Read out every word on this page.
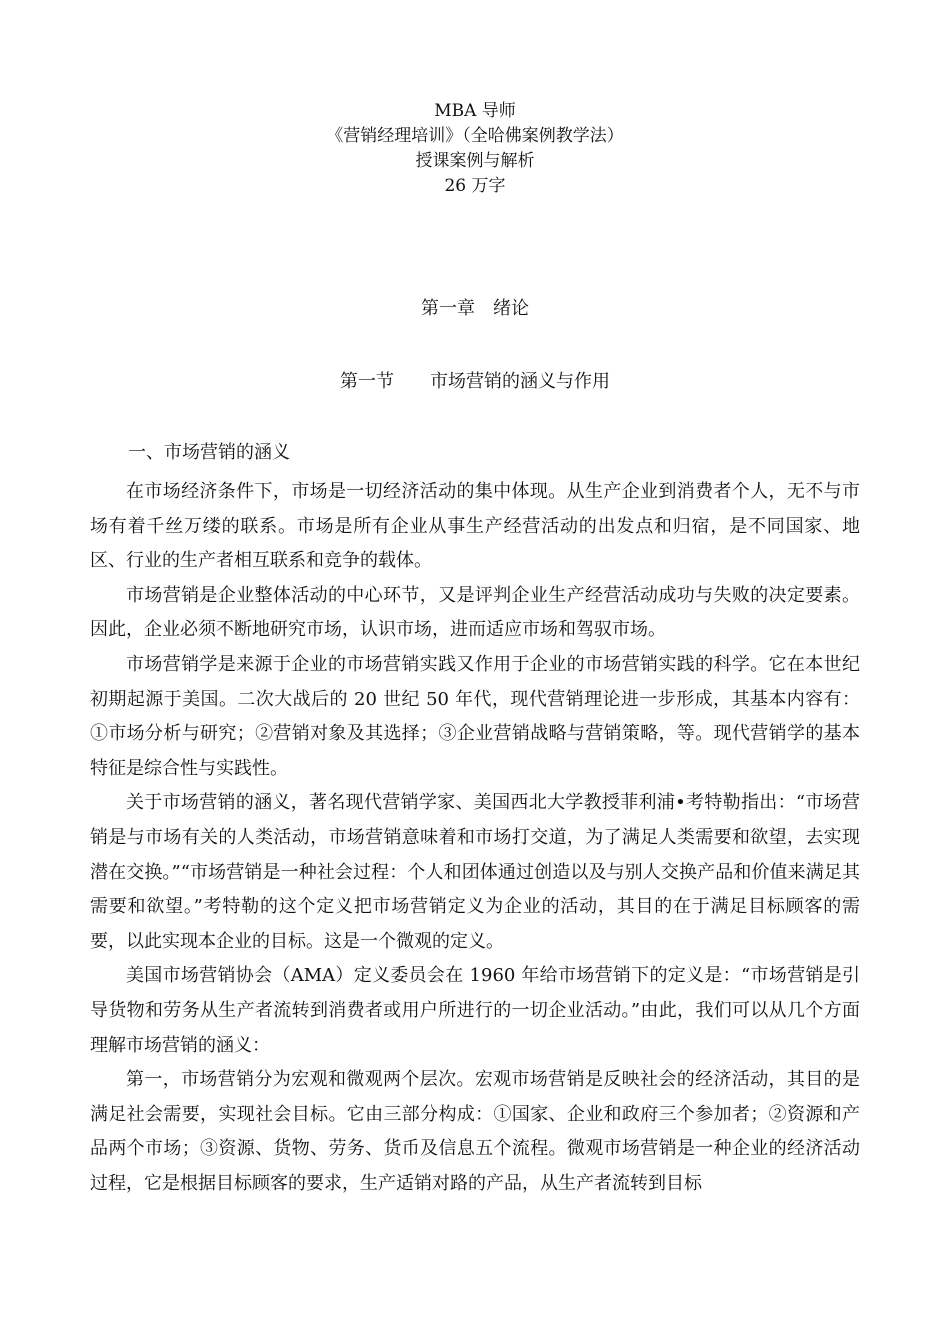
MBA 导师
《营销经理培训》（全哈佛案例教学法）
授课案例与解析
26 万字
第一章　绪论
第一节　　市场营销的涵义与作用
一、市场营销的涵义

在市场经济条件下，市场是一切经济活动的集中体现。从生产企业到消费者个人，无不与市场有着千丝万缕的联系。市场是所有企业从事生产经营活动的出发点和归宿，是不同国家、地区、行业的生产者相互联系和竞争的载体。

市场营销是企业整体活动的中心环节，又是评判企业生产经营活动成功与失败的决定要素。因此，企业必须不断地研究市场，认识市场，进而适应市场和驾驭市场。

市场营销学是来源于企业的市场营销实践又作用于企业的市场营销实践的科学。它在本世纪初期起源于美国。二次大战后的 20 世纪 50 年代，现代营销理论进一步形成，其基本内容有：①市场分析与研究；②营销对象及其选择；③企业营销战略与营销策略，等。现代营销学的基本特征是综合性与实践性。

关于市场营销的涵义，著名现代营销学家、美国西北大学教授菲利浦•考特勒指出：“市场营销是与市场有关的人类活动，市场营销意味着和市场打交道，为了满足人类需要和欲望，去实现潜在交换。”“市场营销是一种社会过程：个人和团体通过创造以及与别人交换产品和价值来满足其需要和欲望。”考特勒的这个定义把市场营销定义为企业的活动，其目的在于满足目标顾客的需要，以此实现本企业的目标。这是一个微观的定义。

美国市场营销协会（AMA）定义委员会在 1960 年给市场营销下的定义是：“市场营销是引导货物和劳务从生产者流转到消费者或用户所进行的一切企业活动。”由此，我们可以从几个方面理解市场营销的涵义：

第一，市场营销分为宏观和微观两个层次。宏观市场营销是反映社会的经济活动，其目的是满足社会需要，实现社会目标。它由三部分构成：①国家、企业和政府三个参加者；②资源和产品两个市场；③资源、货物、劳务、货币及信息五个流程。微观市场营销是一种企业的经济活动过程，它是根据目标顾客的要求，生产适销对路的产品，从生产者流转到目标
